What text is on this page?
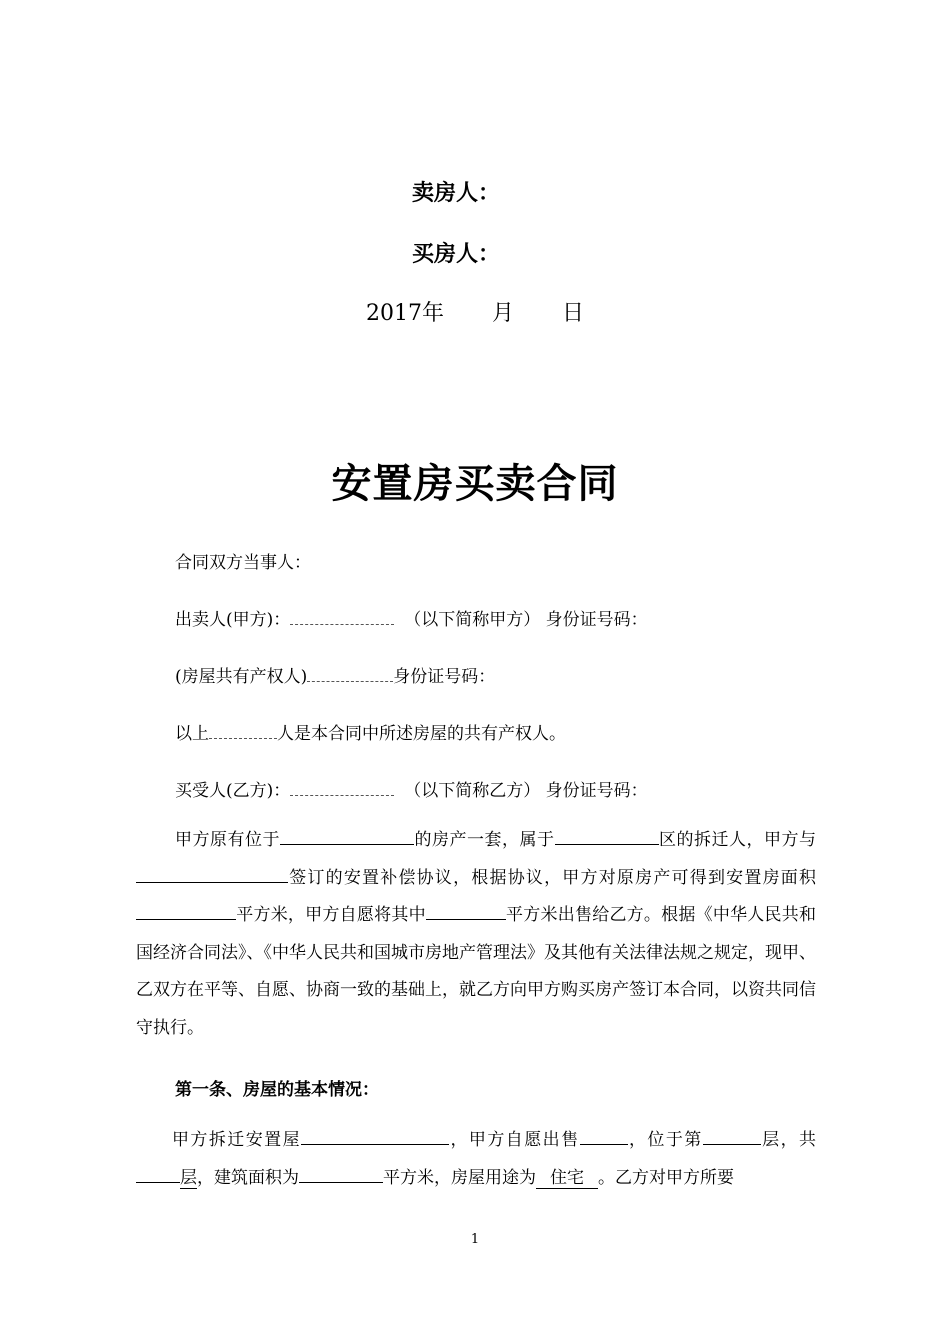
卖房人：
买房人：
2017年 月 日
安置房买卖合同
合同双方当事人：
出卖人(甲方)：	（以下简称甲方） 身份证号码：
(房屋共有产权人)	身份证号码：
以上	人是本合同中所述房屋的共有产权人。
买受人(乙方)：	（以下简称乙方） 身份证号码：

甲方原有位于	的房产一套，属于	区的拆迁人，甲方与签订的安置补偿协议，根据协议，甲方对原房产可得到安置房面积平方米，甲方自愿将其中	平方米出售给乙方。根据《中华人民共和国经济合同法》、《中华人民共和国城市房地产管理法》及其他有关法律法规之规定，现甲、乙双方在平等、自愿、协商一致的基础上，就乙方向甲方购买房产签订本合同，以资共同信守执行。

第一条、房屋的基本情况：

甲方拆迁安置屋	，甲方自愿出售	，位于第	层，共层，建筑面积为	平方米，房屋用途为 住宅 。乙方对甲方所要

1
